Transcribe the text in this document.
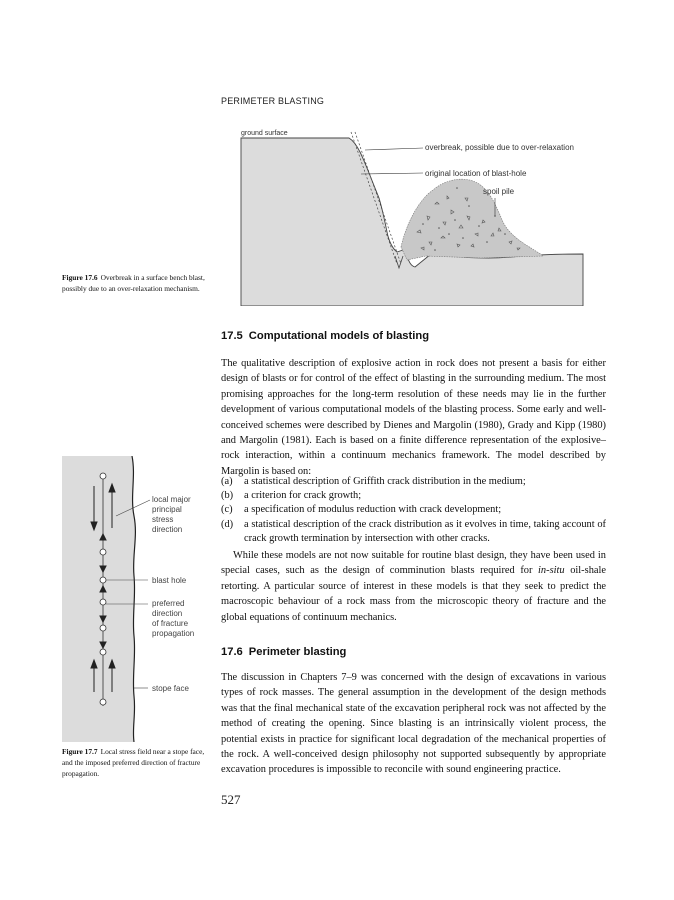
PERIMETER BLASTING
ground surface
overbreak, possible due to over-relaxation
original location of blast-hole
spoil pile
Figure 17.6 Overbreak in a surface bench blast, possibly due to an over-relaxation mechanism.
17.5 Computational models of blasting

The qualitative description of explosive action in rock does not present a basis for either design of blasts or for control of the effect of blasting in the surrounding medium. The most promising approaches for the long-term resolution of these needs may lie in the further development of various computational models of the blasting process. Some early and well-conceived schemes were described by Dienes and Margolin (1980), Grady and Kipp (1980) and Margolin (1981). Each is based on a finite difference representation of the explosive–rock interaction, within a continuum mechanics framework. The model described by Margolin is based on:

(a)	a statistical description of Griffith crack distribution in the medium;
(b)	a criterion for crack growth;
(c)	a specification of modulus reduction with crack development;
(d)	a statistical description of the crack distribution as it evolves in time, taking account of crack growth termination by intersection with other cracks.

While these models are not now suitable for routine blast design, they have been used in special cases, such as the design of comminution blasts required for in-situ oil-shale retorting. A particular source of interest in these models is that they seek to predict the macroscopic behaviour of a rock mass from the microscopic theory of fracture and the global equations of continuum mechanics.

local major
principal
stress
direction
blast hole
preferred
direction
of fracture
propagation
stope face
Figure 17.7 Local stress field near a stope face, and the imposed preferred direction of fracture propagation.
17.6 Perimeter blasting

The discussion in Chapters 7–9 was concerned with the design of excavations in various types of rock masses. The general assumption in the development of the design methods was that the final mechanical state of the excavation peripheral rock was not affected by the method of creating the opening. Since blasting is an intrinsically violent process, the potential exists in practice for significant local degradation of the mechanical properties of the rock. A well-conceived design philosophy not supported subsequently by appropriate excavation procedures is impossible to reconcile with sound engineering practice.

527
